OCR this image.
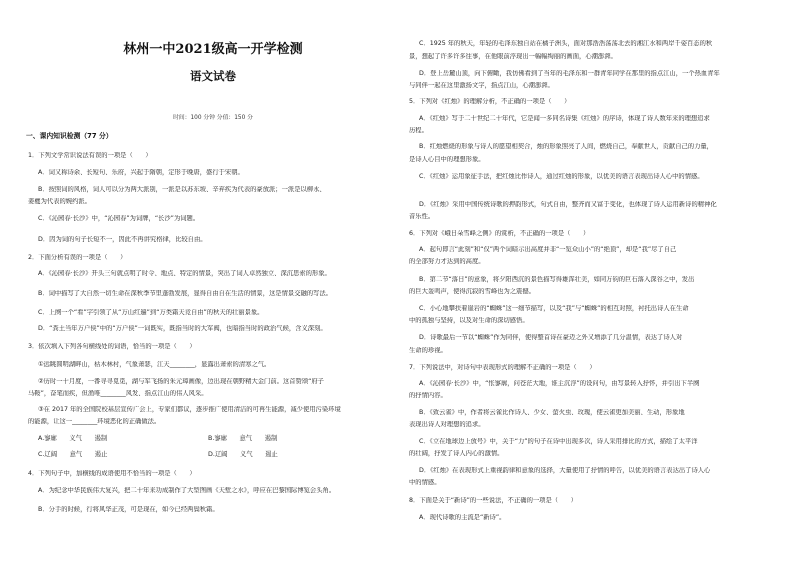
林州一中2021级高一开学检测
语文试卷
时间：100 分钟 分值：150 分
一、课内知识检测（77 分）
1．下列文学常识说法有误的一项是（　　）
A．词又称诗余、长短句、乐府，兴起于隋朝，定形于晚唐，盛行于宋朝。
B．按照词的风格，词人可以分为两大派别，一派是以苏东坡、辛弃疾为代表的豪放派；一派是以柳永、
姜夔为代表的婉约派。
C．《沁园春·长沙》中，“沁园春”为词牌，“长沙”为词题。
D．因为词的句子长短不一，因此不再讲究格律，比较自由。
2．下面分析有误的一项是（　　）
A．《沁园春·长沙》开头三句就点明了时令、地点、特定的情景，突出了词人卓然独立、深沉思索的形象。
B．词中描写了大自然一切生命在深秋季节里蓬勃发展，显得自由自在生活的情景，这是情景交融的写法。
C．上阕一个“看”字引领了从“万山红遍”到“万类霜天竞自由”的秋天的壮丽景象。
D．“粪土当年万户侯”中的“万户侯”一词既实，既指当时的大军阀，也暗指当时的政治气候，含义深刻。
3．依次填入下列各句横线处的词语，恰当的一项是（　　）
①远眺圆明湖畔山，枯木林村，气象萧瑟，江天________，显露出萧索的清寒之气。
②历时一十月度，一番寻寻觅觅，湖与军飞扬的朱元璋画像，边出现在朝野精大金门前。这首赞颂“府子
马鞍”，奋笔而疾，但渔唯________风发、指点江山的伟人风采。
③在 2017 年的全国院校基层宣传广会上，专家们都议，逐步推广使用清洁的可再生能源，减少使用污染环境
的能源，让这一________环境恶化的正确做法。
A.寥廓　　义气　　遏制	B.寥廓　　意气　　遏制
C.辽阔　　意气　　遏止	D.辽阔　　义气　　遏止
4．下列句子中，加横线的成语使用不恰当的一项是（　　）
A．为纪念中华民族伟大复兴，把二十年来功成制作了大型图画《天堑之水》，呼应在巴黎国际博览会头角。
B．分手的时候，行将风华正茂，可是现在，如今已经两鬓秋霜。
C．1925 年的秋天，年轻的毛泽东独自站在橘子洲头，面对那浩浩荡荡北去的湘江水和两岸千姿百态的秋
景，想起了许多许多往事，在他眼前浮现出一幅幅绚丽的画面，心潮澎湃。
D．登上岳麓山顶，向下俯瞰，我仿佛看到了当年的毛泽东和一群青年同学在那里的指点江山，一个热血青年
与同伴一起在这里激扬文字，指点江山，心潮澎湃。
5．下列对《红烛》的理解分析，不正确的一项是（　　）
A．《红烛》写于二十世纪二十年代，它是闻一多同名诗集《红烛》的序诗，体现了诗人数年来的理想追求
历程。
B．红烛燃烧的形象与诗人的愿望相契合，烛的形象照亮了人间，燃烧自己，奉献世人，贡献自己的力量，
是诗人心目中的理想形象。
C．《红烛》运用象征手法，把红烛比作诗人，通过红烛的形象，以优美的语言表现出诗人心中的情感。
D．《红烛》采用中国传统诗歌的押韵形式，句式自由，整齐而又富于变化，也体现了诗人运用新诗的精神化
音乐性。
6．下列对《峨日朵雪峰之侧》的赏析，不正确的一项是（　　）
A．起句即言“此刻”和“仅”两个词暗示出高度并非“一览众山小”的“绝顶”，却是“我”尽了自己
的全部努力才达到的高度。
B．第二节“落日”的意象，将夕阳西沉的景色描写得雄浑壮美，如同万钧的巨石落入深谷之中，发出
的巨大轰鸣声，使得沉寂的雪峰也为之震撼。
C．小心地攀扶着崖岩的“蜘蛛”这一细节描写，以及“我”与“蜘蛛”的相互对照，衬托出诗人在生命
中的孤独与坚持，以及对生命的深切感悟。
D．诗歌最后一节以“蜘蛛”作为同伴，使得整首诗在豪迈之外又增添了几分温情，表达了诗人对
生命的珍视。
7．下列说法中，对诗句中表现形式的理解不正确的一项是（　　）
A．《沁园春·长沙》中，“怅寥廓，问苍茫大地，谁主沉浮”的设问句，由写景转入抒怀，并引出下半阕
的抒情内容。
B．《致云雀》中，作者将云雀比作诗人、少女、萤火虫、玫瑰，使云雀更加美丽、生动，形象地
表现出诗人对理想的追求。
C．《立在地球边上放号》中，关于“力”的句子在诗中出现多次，诗人采用排比的方式，描绘了太平洋
的壮阔，抒发了诗人内心的激情。
D．《红烛》在表现形式上重视韵律和意象的选择，大量使用了抒情的呼告，以优美的语言表达出了诗人心
中的情感。
8．下面是关于“新诗”的一些说法，不正确的一项是（　　）
A．现代诗歌的主流是“新诗”。
